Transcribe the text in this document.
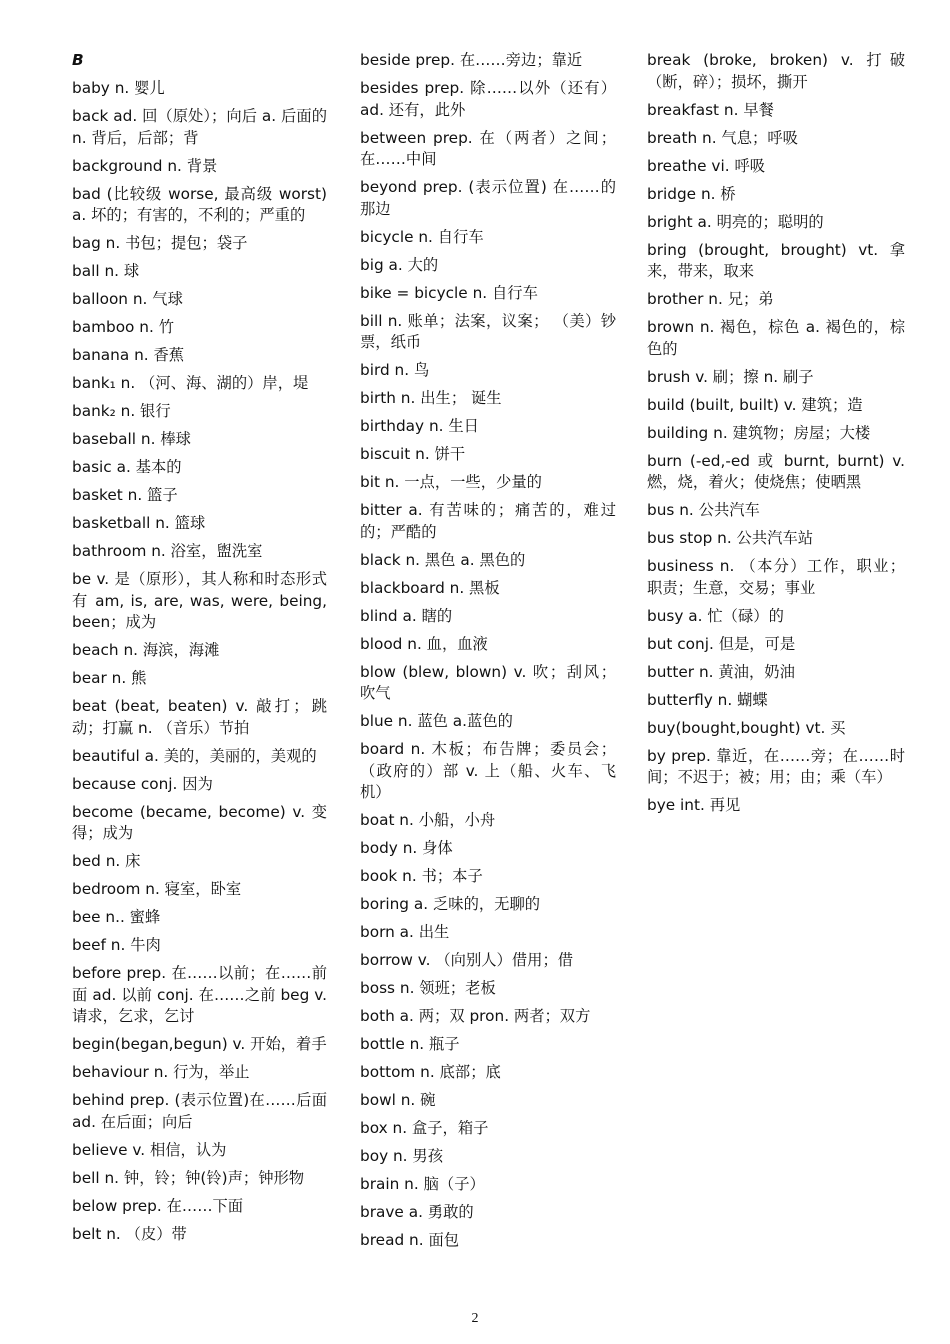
B
baby n. 婴儿
back ad. 回（原处）；向后 a. 后面的 n. 背后，后部；背
background n. 背景
bad (比较级 worse, 最高级 worst) a. 坏的；有害的，不利的；严重的
bag n. 书包；提包；袋子
ball n. 球
balloon n. 气球
bamboo n. 竹
banana n. 香蕉
bank₁ n. （河、海、湖的）岸，堤
bank₂ n. 银行
baseball n. 棒球
basic a. 基本的
basket n. 篮子
basketball n. 篮球
bathroom n. 浴室，盥洗室
be v. 是（原形），其人称和时态形式有 am, is, are, was, were, being, been；成为
beach n. 海滨，海滩
bear n. 熊
beat (beat, beaten) v. 敲打；跳动；打赢 n. （音乐）节拍
beautiful a. 美的，美丽的，美观的
because conj. 因为
become (became, become) v. 变得；成为
bed n. 床
bedroom n. 寝室，卧室
bee n.. 蜜蜂
beef n. 牛肉
before prep. 在……以前；在……前面 ad. 以前 conj. 在……之前 beg v. 请求，乞求，乞讨
begin(began,begun) v. 开始，着手
behaviour n. 行为，举止
behind prep. (表示位置)在……后面 ad. 在后面；向后
believe v. 相信，认为
bell n. 钟，铃；钟(铃)声；钟形物
below prep. 在……下面
belt n. （皮）带
beside prep. 在……旁边；靠近
besides prep. 除……以外（还有） ad. 还有，此外
between prep. 在（两者）之间；在……中间
beyond prep. (表示位置) 在……的那边
bicycle n. 自行车
big a. 大的
bike = bicycle n. 自行车
bill n. 账单；法案，议案； （美）钞票，纸币
bird n. 鸟
birth n. 出生； 诞生
birthday n. 生日
biscuit n. 饼干
bit n. 一点，一些，少量的
bitter a. 有苦味的；痛苦的，难过的；严酷的
black n. 黑色 a. 黑色的
blackboard n. 黑板
blind a. 瞎的
blood n. 血，血液
blow (blew, blown) v. 吹；刮风；吹气
blue n. 蓝色 a.蓝色的
board n. 木板；布告牌；委员会；（政府的）部 v. 上（船、火车、飞机）
boat n. 小船，小舟
body n. 身体
book n. 书；本子
boring a. 乏味的，无聊的
born a. 出生
borrow v. （向别人）借用；借
boss n. 领班；老板
both a. 两；双 pron. 两者；双方
bottle n. 瓶子
bottom n. 底部；底
bowl n. 碗
box n. 盒子，箱子
boy n. 男孩
brain n. 脑（子）
brave a. 勇敢的
bread n. 面包
break (broke, broken) v. 打破（断，碎）；损坏，撕开
breakfast n. 早餐
breath n. 气息；呼吸
breathe vi. 呼吸
bridge n. 桥
bright a. 明亮的；聪明的
bring (brought, brought) vt. 拿来，带来，取来
brother n. 兄；弟
brown n. 褐色，棕色 a. 褐色的，棕色的
brush v. 刷；擦 n. 刷子
build (built, built) v. 建筑；造
building n. 建筑物；房屋；大楼
burn (-ed,-ed 或 burnt, burnt) v. 燃，烧，着火；使烧焦；使晒黑
bus n. 公共汽车
bus stop n. 公共汽车站
business n. （本分）工作，职业；职责；生意，交易；事业
busy a. 忙（碌）的
but conj. 但是，可是
butter n. 黄油，奶油
butterfly n. 蝴蝶
buy(bought,bought) vt. 买
by prep. 靠近，在……旁；在……时间；不迟于；被；用；由；乘（车）
bye int. 再见
2
